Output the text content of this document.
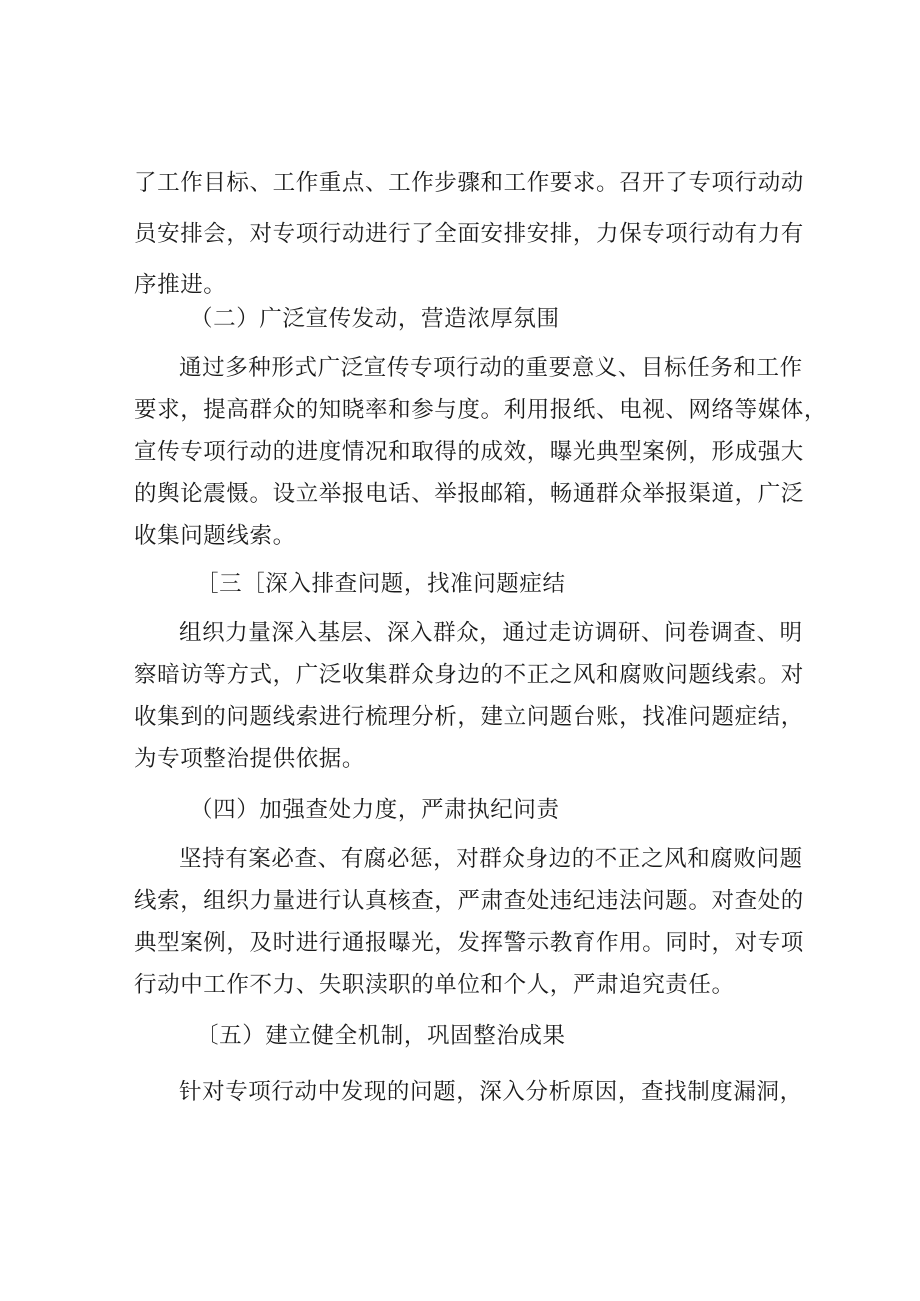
了工作目标、工作重点、工作步骤和工作要求。召开了专项行动动
员安排会，对专项行动进行了全面安排安排，力保专项行动有力有
序推进。
（二）广泛宣传发动，营造浓厚氛围
通过多种形式广泛宣传专项行动的重要意义、目标任务和工作
要求，提高群众的知晓率和参与度。利用报纸、电视、网络等媒体，
宣传专项行动的进度情况和取得的成效，曝光典型案例，形成强大
的舆论震慑。设立举报电话、举报邮箱，畅通群众举报渠道，广泛
收集问题线索。
［三［深入排查问题，找准问题症结
组织力量深入基层、深入群众，通过走访调研、问卷调查、明
察暗访等方式，广泛收集群众身边的不正之风和腐败问题线索。对
收集到的问题线索进行梳理分析，建立问题台账，找准问题症结，
为专项整治提供依据。
（四）加强查处力度，严肃执纪问责
坚持有案必查、有腐必惩，对群众身边的不正之风和腐败问题
线索，组织力量进行认真核查，严肃查处违纪违法问题。对查处的
典型案例，及时进行通报曝光，发挥警示教育作用。同时，对专项
行动中工作不力、失职渎职的单位和个人，严肃追究责任。
〔五）建立健全机制，巩固整治成果
针对专项行动中发现的问题，深入分析原因，查找制度漏洞，
